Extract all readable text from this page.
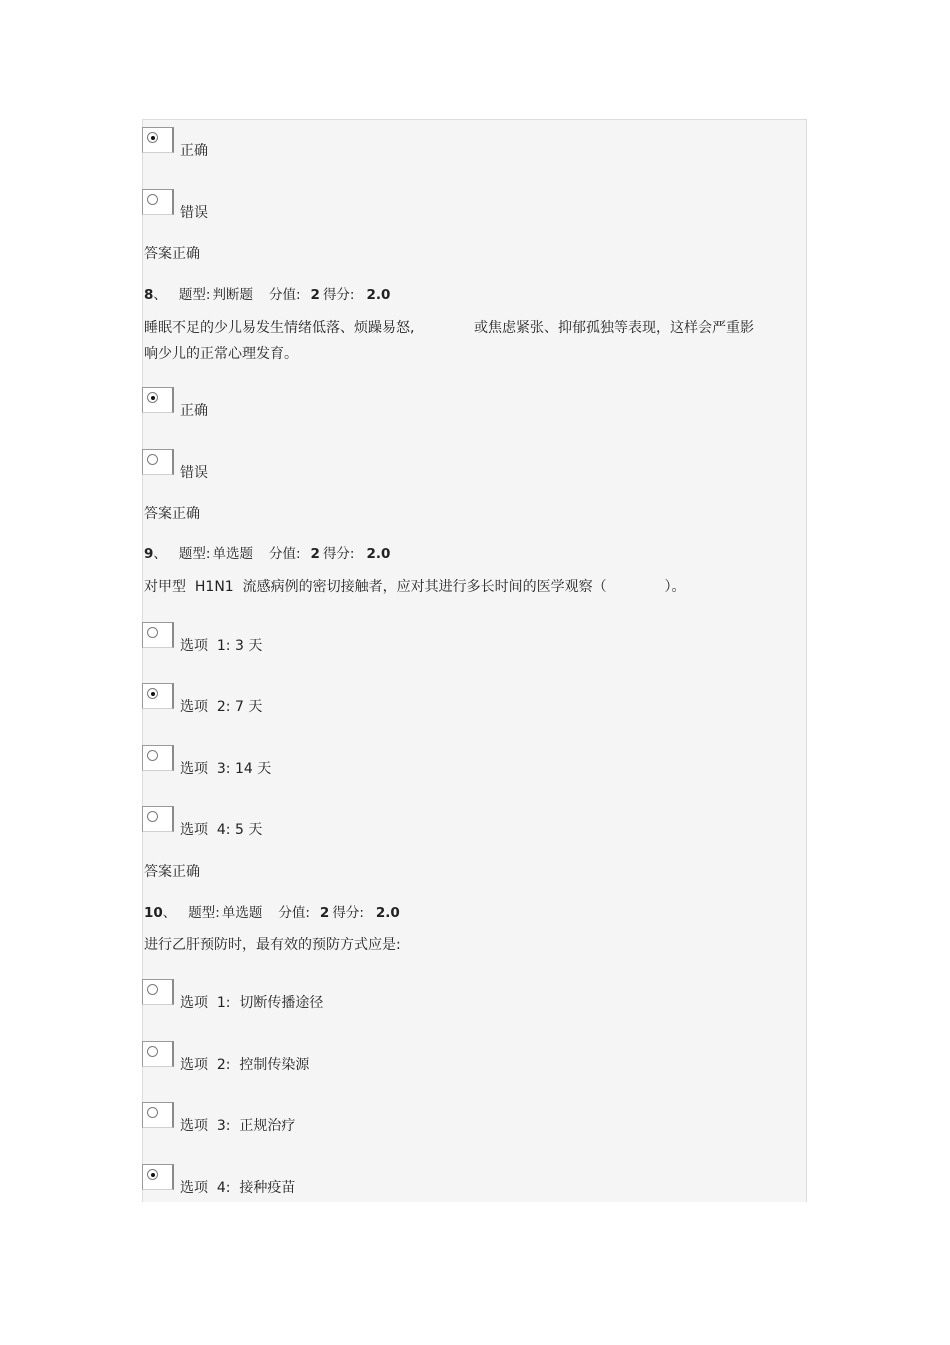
正确
错误
答案正确
8、 题型: 判断题 分值: 2 得分: 2.0
睡眠不足的少儿易发生情绪低落、烦躁易怒,	或焦虑紧张、抑郁孤独等表现，这样会严重影
响少儿的正常心理发育。
正确
错误
答案正确
9、 题型: 单选题 分值: 2 得分: 2.0
对甲型  H1N1  流感病例的密切接触者，应对其进行多长时间的医学观察（             ）。
选项  1: 3 天
选项  2: 7 天
选项  3: 14 天
选项  4: 5 天
答案正确
10、 题型: 单选题 分值: 2 得分: 2.0
进行乙肝预防时，最有效的预防方式应是:
选项  1:  切断传播途径
选项  2:  控制传染源
选项  3:  正规治疗
选项  4:  接种疫苗
